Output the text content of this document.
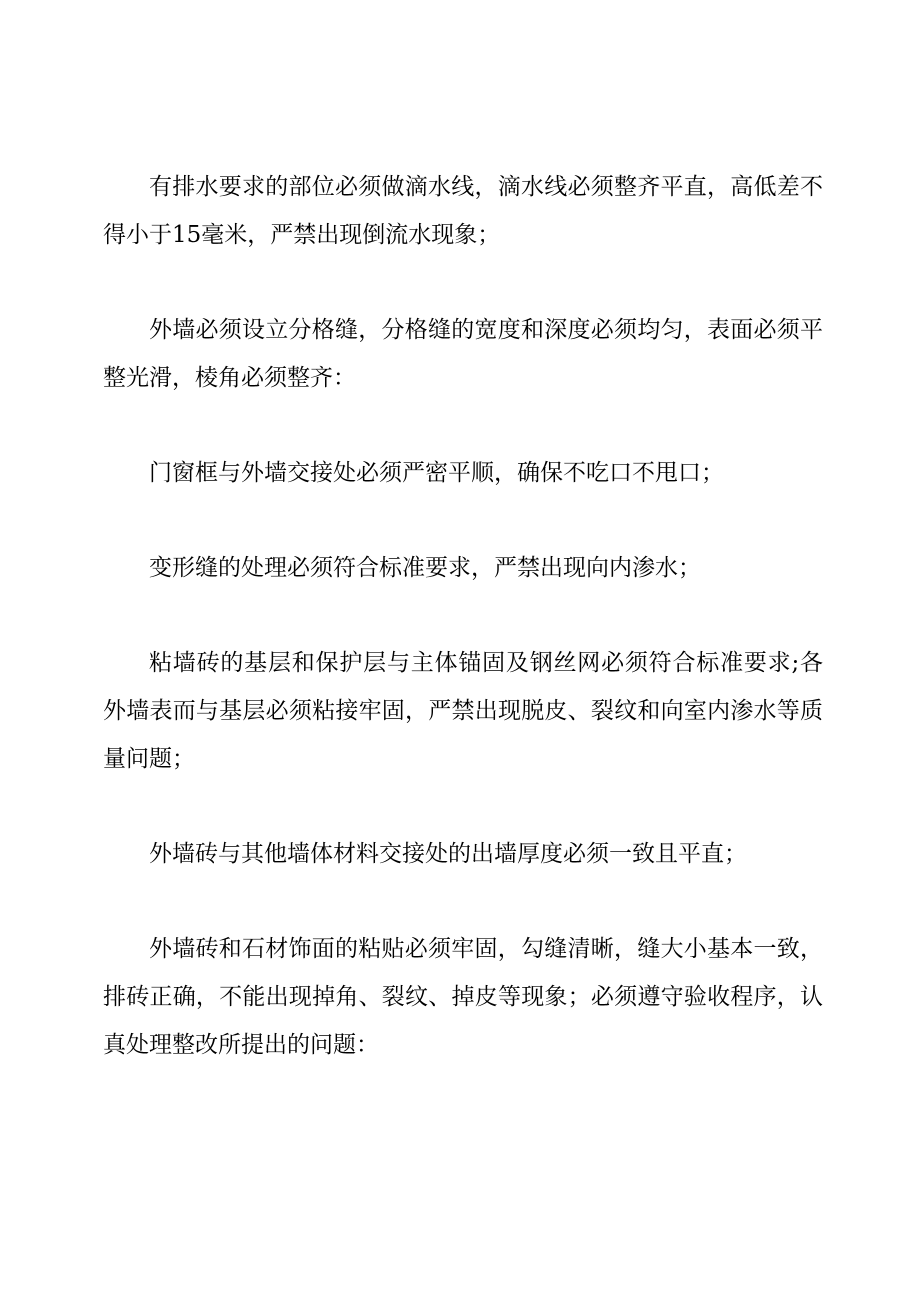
有排水要求的部位必须做滴水线，滴水线必须整齐平直，高低差不
得小于15毫米，严禁出现倒流水现象；

外墙必须设立分格缝，分格缝的宽度和深度必须均匀，表面必须平
整光滑，棱角必须整齐：

门窗框与外墙交接处必须严密平顺，确保不吃口不甩口；

变形缝的处理必须符合标准要求，严禁出现向内渗水；

粘墙砖的基层和保护层与主体锚固及钢丝网必须符合标准要求;各
外墙表而与基层必须粘接牢固，严禁出现脱皮、裂纹和向室内渗水等质
量问题；

外墙砖与其他墙体材料交接处的出墙厚度必须一致且平直；

外墙砖和石材饰面的粘贴必须牢固，勾缝清晰，缝大小基本一致，
排砖正确，不能出现掉角、裂纹、掉皮等现象；必须遵守验收程序，认
真处理整改所提出的问题：
